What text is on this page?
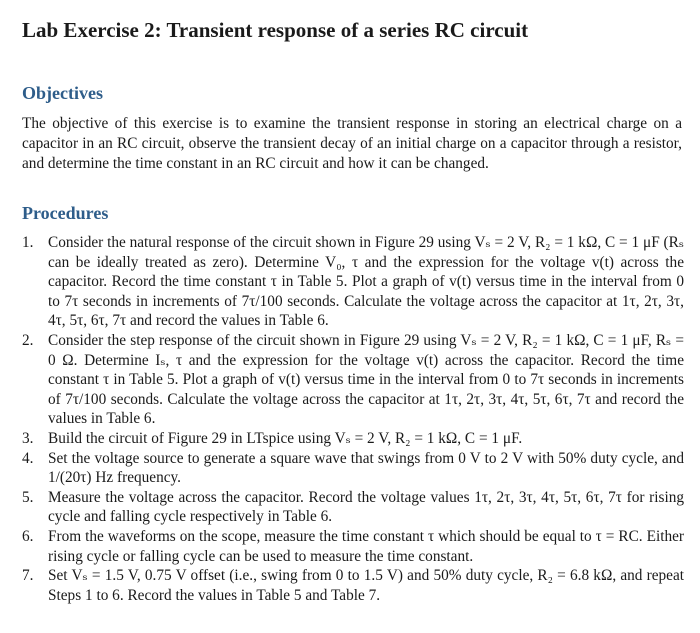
Lab Exercise 2: Transient response of a series RC circuit
Objectives

The objective of this exercise is to examine the transient response in storing an electrical charge on a capacitor in an RC circuit, observe the transient decay of an initial charge on a capacitor through a resistor, and determine the time constant in an RC circuit and how it can be changed.

Procedures
1. Consider the natural response of the circuit shown in Figure 29 using Vₛ = 2 V, R₂ = 1 kΩ, C = 1 μF (Rₛ can be ideally treated as zero). Determine V₀, τ and the expression for the voltage v(t) across the capacitor. Record the time constant τ in Table 5. Plot a graph of v(t) versus time in the interval from 0 to 7τ seconds in increments of 7τ/100 seconds. Calculate the voltage across the capacitor at 1τ, 2τ, 3τ, 4τ, 5τ, 6τ, 7τ and record the values in Table 6.
2. Consider the step response of the circuit shown in Figure 29 using Vₛ = 2 V, R₂ = 1 kΩ, C = 1 μF, Rₛ = 0 Ω. Determine Iₛ, τ and the expression for the voltage v(t) across the capacitor. Record the time constant τ in Table 5. Plot a graph of v(t) versus time in the interval from 0 to 7τ seconds in increments of 7τ/100 seconds. Calculate the voltage across the capacitor at 1τ, 2τ, 3τ, 4τ, 5τ, 6τ, 7τ and record the values in Table 6.
3. Build the circuit of Figure 29 in LTspice using Vₛ = 2 V, R₂ = 1 kΩ, C = 1 μF.
4. Set the voltage source to generate a square wave that swings from 0 V to 2 V with 50% duty cycle, and 1/(20τ) Hz frequency.
5. Measure the voltage across the capacitor. Record the voltage values 1τ, 2τ, 3τ, 4τ, 5τ, 6τ, 7τ for rising cycle and falling cycle respectively in Table 6.
6. From the waveforms on the scope, measure the time constant τ which should be equal to τ = RC. Either rising cycle or falling cycle can be used to measure the time constant.
7. Set Vₛ = 1.5 V, 0.75 V offset (i.e., swing from 0 to 1.5 V) and 50% duty cycle, R₂ = 6.8 kΩ, and repeat Steps 1 to 6. Record the values in Table 5 and Table 7.
